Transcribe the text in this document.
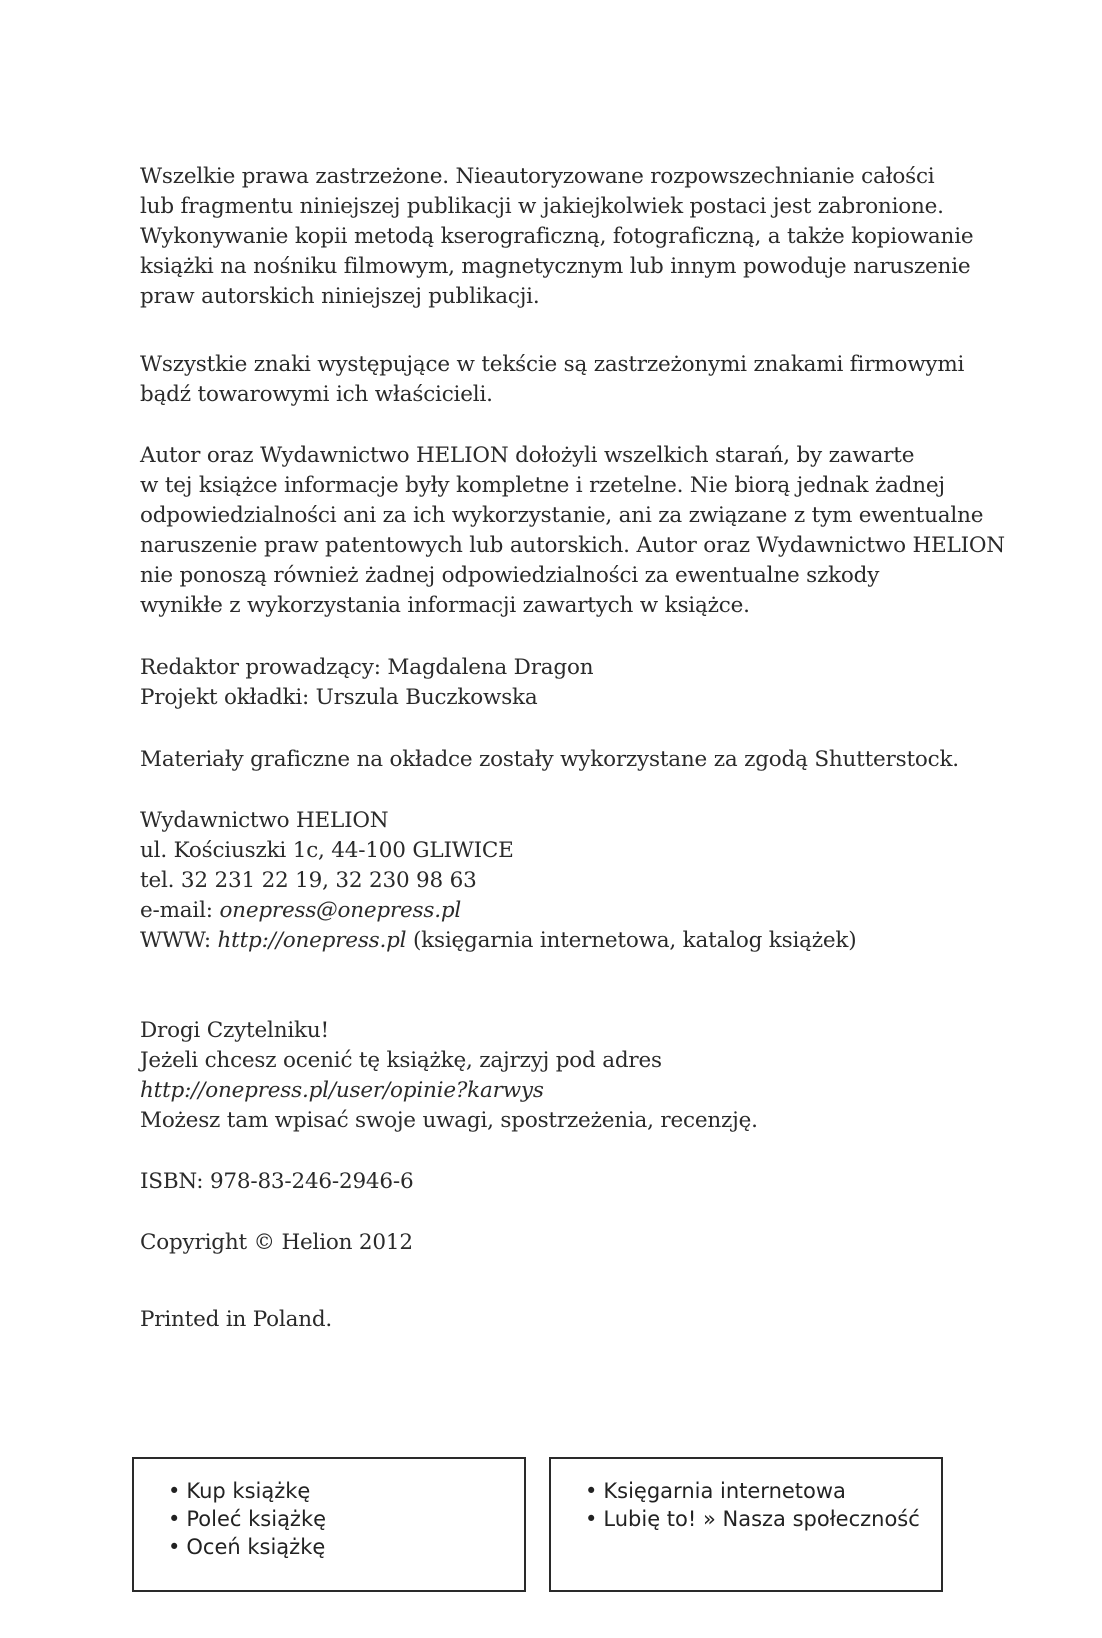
Wszelkie prawa zastrzeżone. Nieautoryzowane rozpowszechnianie całości

lub fragmentu niniejszej publikacji w jakiejkolwiek postaci jest zabronione.

Wykonywanie kopii metodą kserograficzną, fotograficzną, a także kopiowanie

książki na nośniku filmowym, magnetycznym lub innym powoduje naruszenie

praw autorskich niniejszej publikacji.

Wszystkie znaki występujące w tekście są zastrzeżonymi znakami firmowymi

bądź towarowymi ich właścicieli.

Autor oraz Wydawnictwo HELION dołożyli wszelkich starań, by zawarte

w tej książce informacje były kompletne i rzetelne. Nie biorą jednak żadnej

odpowiedzialności ani za ich wykorzystanie, ani za związane z tym ewentualne

naruszenie praw patentowych lub autorskich. Autor oraz Wydawnictwo HELION

nie ponoszą również żadnej odpowiedzialności za ewentualne szkody

wynikłe z wykorzystania informacji zawartych w książce.

Redaktor prowadzący: Magdalena Dragon

Projekt okładki: Urszula Buczkowska

Materiały graficzne na okładce zostały wykorzystane za zgodą Shutterstock.

Wydawnictwo HELION

ul. Kościuszki 1c, 44-100 GLIWICE

tel. 32 231 22 19, 32 230 98 63

e-mail: onepress@onepress.pl

WWW: http://onepress.pl (księgarnia internetowa, katalog książek)

Drogi Czytelniku!

Jeżeli chcesz ocenić tę książkę, zajrzyj pod adres

http://onepress.pl/user/opinie?karwys

Możesz tam wpisać swoje uwagi, spostrzeżenia, recenzję.

ISBN: 978-83-246-2946-6

Copyright © Helion 2012

Printed in Poland.

• Kup książkę
• Poleć książkę
• Oceń książkę
• Księgarnia internetowa
• Lubię to! » Nasza społeczność
